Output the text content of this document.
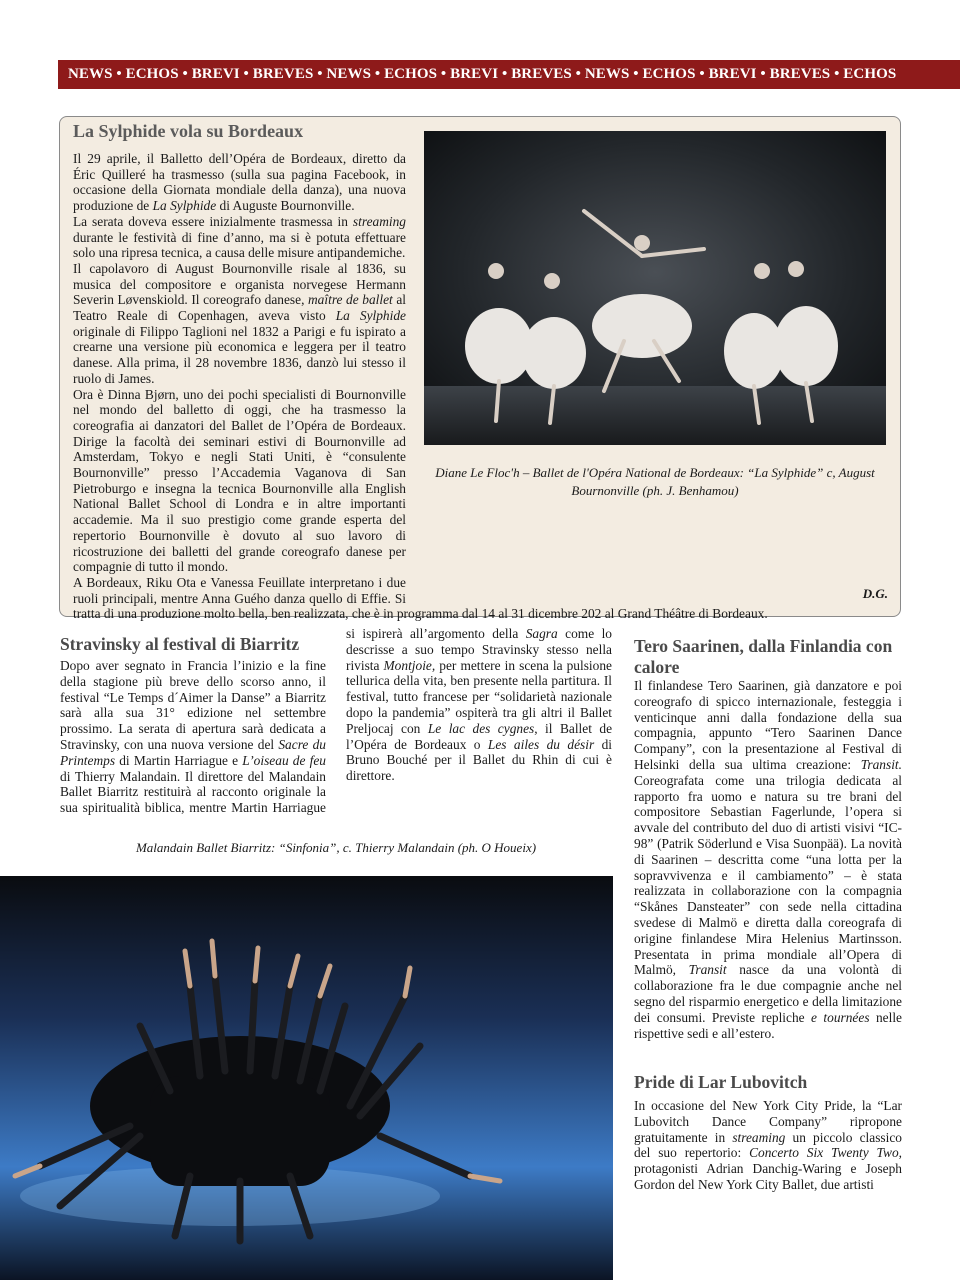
NEWS • ECHOS • BREVI • BREVES • NEWS • ECHOS • BREVI • BREVES • NEWS • ECHOS • BREVI • BREVES • ECHOS
La Sylphide vola su Bordeaux

Il 29 aprile, il Balletto dell’Opéra de Bordeaux, diretto da Éric Quilleré ha trasmesso (sulla sua pagina Facebook, in occasione della Giornata mondiale della danza), una nuova produzione de La Sylphide di Auguste Bournonville.

La serata doveva essere inizialmente trasmessa in streaming durante le festività di fine d’anno, ma si è potuta effettuare solo una ripresa tecnica, a causa delle misure antipandemiche.

Il capolavoro di August Bournonville risale al 1836, su musica del compositore e organista norvegese Hermann Severin Løvenskiold. Il coreografo danese, maître de ballet al Teatro Reale di Copenhagen, aveva visto La Sylphide originale di Filippo Taglioni nel 1832 a Parigi e fu ispirato a crearne una versione più economica e leggera per il teatro danese. Alla prima, il 28 novembre 1836, danzò lui stesso il ruolo di James.

Ora è Dinna Bjørn, uno dei pochi specialisti di Bournonville nel mondo del balletto di oggi, che ha trasmesso la coreografia ai danzatori del Ballet de l’Opéra de Bordeaux. Dirige la facoltà dei seminari estivi di Bournonville ad Amsterdam, Tokyo e negli Stati Uniti, è “consulente Bournonville” presso l’Accademia Vaganova di San Pietroburgo e insegna la tecnica Bournonville alla English National Ballet School di Londra e in altre importanti accademie. Ma il suo prestigio come grande esperta del repertorio Bournonville è dovuto al suo lavoro di ricostruzione dei balletti del grande coreografo danese per compagnie di tutto il mondo.

A Bordeaux, Riku Ota e Vanessa Feuillate interpretano i due ruoli principali, mentre Anna Guého danza quello di Effie. Si tratta di una produzione molto bella, ben realizzata, che è in programma dal 14 al 31 dicembre 202 al Grand Théâtre di Bordeaux.

Diane Le Floc'h – Ballet de l'Opéra National de Bordeaux: “La Sylphide” c, August Bournonville (ph. J. Benhamou)
D.G.
Stravinsky al festival di Biarritz
Dopo aver segnato in Francia l’inizio e la fine della stagione più breve dello scorso anno, il festival “Le Temps d´Aimer la Danse” a Biarritz sarà alla sua 31° edizione nel settembre prossimo. La serata di apertura sarà dedicata a Stravinsky, con una nuova versione del Sacre du Printemps di Martin Harriague e L’oiseau de feu di Thierry Malandain. Il direttore del Malandain Ballet Biarritz restituirà al racconto originale la sua spiritualità biblica, mentre Martin Harriague si ispirerà all’argomento della Sagra come lo descrisse a suo tempo Stravinsky stesso nella rivista Montjoie, per mettere in scena la pulsione tellurica della vita, ben presente nella partitura. Il festival, tutto francese per “solidarietà nazionale dopo la pandemia” ospiterà tra gli altri il Ballet Preljocaj con Le lac des cygnes, il Ballet de l’Opéra de Bordeaux o Les ailes du désir di Bruno Bouché per il Ballet du Rhin di cui è direttore.
Malandain Ballet Biarritz: “Sinfonia”, c. Thierry Malandain (ph. O Houeix)
Tero Saarinen, dalla Finlandia con calore
Il finlandese Tero Saarinen, già danzatore e poi coreografo di spicco internazionale, festeggia i venticinque anni dalla fondazione della sua compagnia, appunto “Tero Saarinen Dance Company”, con la presentazione al Festival di Helsinki della sua ultima creazione: Transit. Coreografata come una trilogia dedicata al rapporto fra uomo e natura su tre brani del compositore Sebastian Fagerlunde, l’opera si avvale del contributo del duo di artisti visivi “IC-98” (Patrik Söderlund e Visa Suonpää). La novità di Saarinen – descritta come “una lotta per la sopravvivenza e il cambiamento” – è stata realizzata in collaborazione con la compagnia “Skånes Dansteater” con sede nella cittadina svedese di Malmö e diretta dalla coreografa di origine finlandese Mira Helenius Martinsson. Presentata in prima mondiale all’Opera di Malmö, Transit nasce da una volontà di collaborazione fra le due compagnie anche nel segno del risparmio energetico e della limitazione dei consumi. Previste repliche e tournées nelle rispettive sedi e all’estero.
Pride di Lar Lubovitch
In occasione del New York City Pride, la “Lar Lubovitch Dance Company” ripropone gratuitamente in streaming un piccolo classico del suo repertorio: Concerto Six Twenty Two, protagonisti Adrian Danchig-Waring e Joseph Gordon del New York City Ballet, due artisti
